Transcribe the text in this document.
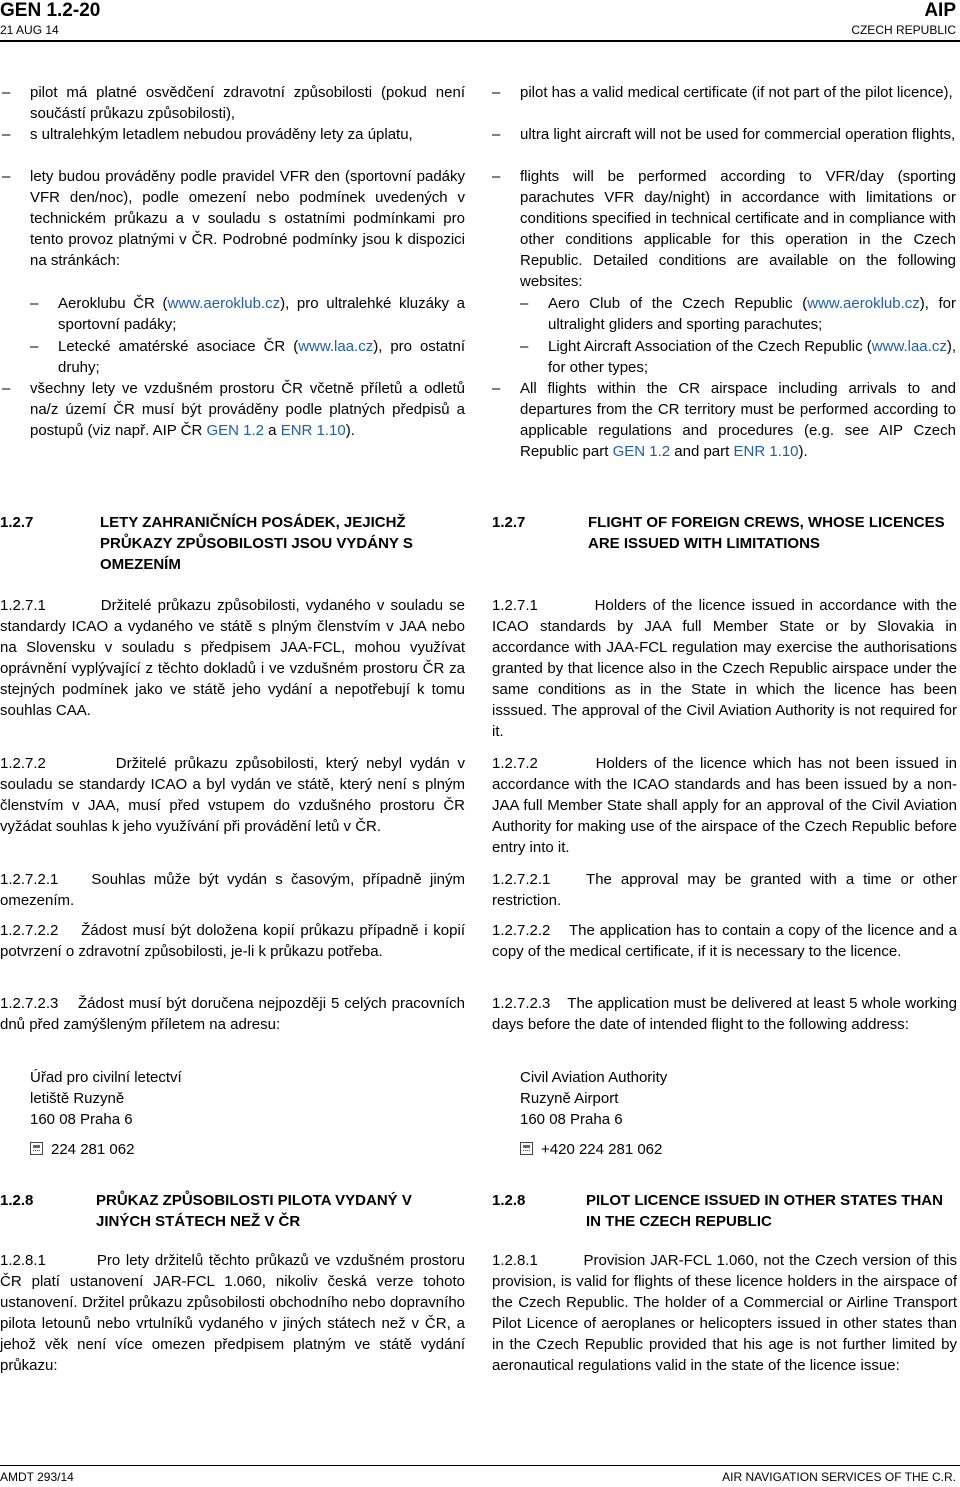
GEN 1.2-20
21 AUG 14
AIP
CZECH REPUBLIC
– pilot má platné osvědčení zdravotní způsobilosti (pokud není součástí průkazu způsobilosti),
– s ultralehkým letadlem nebudou prováděny lety za úplatu,
– lety budou prováděny podle pravidel VFR den (sportovní padáky VFR den/noc), podle omezení nebo podmínek uvedených v technickém průkazu a v souladu s ostatními podmínkami pro tento provoz platnými v ČR. Podrobné podmínky jsou k dispozici na stránkách:
– Aeroklubu ČR (www.aeroklub.cz), pro ultralehké kluzáky a sportovní padáky;
– Letecké amatérské asociace ČR (www.laa.cz), pro ostatní druhy;
– všechny lety ve vzdušném prostoru ČR včetně příletů a odletů na/z území ČR musí být prováděny podle platných předpisů a postupů (viz např. AIP ČR GEN 1.2 a ENR 1.10).
1.2.7	LETY ZAHRANIČNÍCH POSÁDEK, JEJICHŽ PRŮKAZY ZPŮSOBILOSTI JSOU VYDÁNY S OMEZENÍM
1.2.7.1	Držitelé průkazu způsobilosti, vydaného v souladu se standardy ICAO a vydaného ve státě s plným členstvím v JAA nebo na Slovensku v souladu s předpisem JAA-FCL, mohou využívat oprávnění vyplývající z těchto dokladů i ve vzdušném prostoru ČR za stejných podmínek jako ve státě jeho vydání a nepotřebují k tomu souhlas CAA.
1.2.7.2	Držitelé průkazu způsobilosti, který nebyl vydán v souladu se standardy ICAO a byl vydán ve státě, který není s plným členstvím v JAA, musí před vstupem do vzdušného prostoru ČR vyžádat souhlas k jeho využívání při provádění letů v ČR.
1.2.7.2.1 Souhlas může být vydán s časovým, případně jiným omezením.
1.2.7.2.2 Žádost musí být doložena kopií průkazu případně i kopií potvrzení o zdravotní způsobilosti, je-li k průkazu potřeba.
1.2.7.2.3 Žádost musí být doručena nejpozději 5 celých pracovních dnů před zamýšleným příletem na adresu:
Úřad pro civilní letectví
letiště Ruzyně
160 08 Praha 6
224 281 062
1.2.8	PRŮKAZ ZPŮSOBILOSTI PILOTA VYDANÝ V JINÝCH STÁTECH NEŽ V ČR
1.2.8.1	Pro lety držitelů těchto průkazů ve vzdušném prostoru ČR platí ustanovení JAR-FCL 1.060, nikoliv česká verze tohoto ustanovení. Držitel průkazu způsobilosti obchodního nebo dopravního pilota letounů nebo vrtulníků vydaného v jiných státech než v ČR, a jehož věk není více omezen předpisem platným ve státě vydání průkazu:
– pilot has a valid medical certificate (if not part of the pilot licence),
– ultra light aircraft will not be used for commercial operation flights,
– flights will be performed according to VFR/day (sporting parachutes VFR day/night) in accordance with limitations or conditions specified in technical certificate and in compliance with other conditions applicable for this operation in the Czech Republic. Detailed conditions are available on the following websites:
– Aero Club of the Czech Republic (www.aeroklub.cz), for ultralight gliders and sporting parachutes;
– Light Aircraft Association of the Czech Republic (www.laa.cz), for other types;
– All flights within the CR airspace including arrivals to and departures from the CR territory must be performed according to applicable regulations and procedures (e.g. see AIP Czech Republic part GEN 1.2 and part ENR 1.10).
1.2.7	FLIGHT OF FOREIGN CREWS, WHOSE LICENCES ARE ISSUED WITH LIMITATIONS
1.2.7.1	Holders of the licence issued in accordance with the ICAO standards by JAA full Member State or by Slovakia in accordance with JAA-FCL regulation may exercise the authorisations granted by that licence also in the Czech Republic airspace under the same conditions as in the State in which the licence has been isssued. The approval of the Civil Aviation Authority is not required for it.
1.2.7.2	Holders of the licence which has not been issued in accordance with the ICAO standards and has been issued by a non-JAA full Member State shall apply for an approval of the Civil Aviation Authority for making use of the airspace of the Czech Republic before entry into it.
1.2.7.2.1 The approval may be granted with a time or other restriction.
1.2.7.2.2 The application has to contain a copy of the licence and a copy of the medical certificate, if it is necessary to the licence.
1.2.7.2.3 The application must be delivered at least 5 whole working days before the date of intended flight to the following address:
Civil Aviation Authority
Ruzyně Airport
160 08 Praha 6
+420 224 281 062
1.2.8	PILOT LICENCE ISSUED IN OTHER STATES THAN IN THE CZECH REPUBLIC
1.2.8.1	Provision JAR-FCL 1.060, not the Czech version of this provision, is valid for flights of these licence holders in the airspace of the Czech Republic. The holder of a Commercial or Airline Transport Pilot Licence of aeroplanes or helicopters issued in other states than in the Czech Republic provided that his age is not further limited by aeronautical regulations valid in the state of the licence issue:
AMDT 293/14	AIR NAVIGATION SERVICES OF THE C.R.
